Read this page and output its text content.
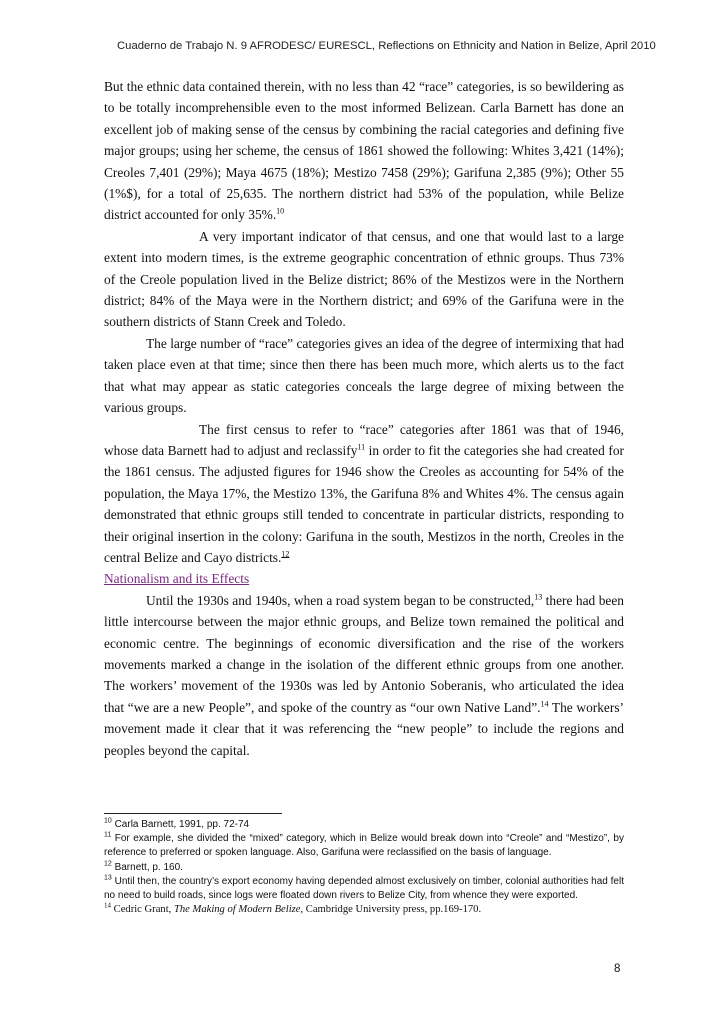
Cuaderno de Trabajo N. 9 AFRODESC/ EURESCL, Reflections on Ethnicity and Nation in Belize, April 2010

But the ethnic data contained therein, with no less than 42 “race” categories, is so bewildering as to be totally incomprehensible even to the most informed Belizean. Carla Barnett has done an excellent job of making sense of the census by combining the racial categories and defining five major groups; using her scheme, the census of 1861 showed the following: Whites 3,421 (14%); Creoles 7,401 (29%); Maya 4675 (18%); Mestizo 7458 (29%); Garifuna 2,385 (9%); Other 55 (1%$), for a total of 25,635. The northern district had 53% of the population, while Belize district accounted for only 35%.$^{10}$

A very important indicator of that census, and one that would last to a large extent into modern times, is the extreme geographic concentration of ethnic groups. Thus 73% of the Creole population lived in the Belize district; 86% of the Mestizos were in the Northern district; 84% of the Maya were in the Northern district; and 69% of the Garifuna were in the southern districts of Stann Creek and Toledo.

The large number of “race” categories gives an idea of the degree of intermixing that had taken place even at that time; since then there has been much more, which alerts us to the fact that what may appear as static categories conceals the large degree of mixing between the various groups.

The first census to refer to “race” categories after 1861 was that of 1946, whose data Barnett had to adjust and reclassify$^{11}$ in order to fit the categories she had created for the 1861 census. The adjusted figures for 1946 show the Creoles as accounting for 54% of the population, the Maya 17%, the Mestizo 13%, the Garifuna 8% and Whites 4%. The census again demonstrated that ethnic groups still tended to concentrate in particular districts, responding to their original insertion in the colony: Garifuna in the south, Mestizos in the north, Creoles in the central Belize and Cayo districts.$^{12}$

Nationalism and its Effects

Until the 1930s and 1940s, when a road system began to be constructed,$^{13}$ there had been little intercourse between the major ethnic groups, and Belize town remained the political and economic centre. The beginnings of economic diversification and the rise of the workers movements marked a change in the isolation of the different ethnic groups from one another. The workers’ movement of the 1930s was led by Antonio Soberanis, who articulated the idea that “we are a new People”, and spoke of the country as “our own Native Land”.$^{14}$ The workers’ movement made it clear that it was referencing the “new people” to include the regions and peoples beyond the capital.

$^{10}$ Carla Barnett, 1991, pp. 72-74

$^{11}$ For example, she divided the “mixed” category, which in Belize would break down into “Creole” and “Mestizo”, by reference to preferred or spoken language. Also, Garifuna were reclassified on the basis of language.

$^{12}$ Barnett, p. 160.

$^{13}$ Until then, the country’s export economy having depended almost exclusively on timber, colonial authorities had felt no need to build roads, since logs were floated down rivers to Belize City, from whence they were exported.

$^{14}$ Cedric Grant, The Making of Modern Belize, Cambridge University press, pp.169-170.

8
